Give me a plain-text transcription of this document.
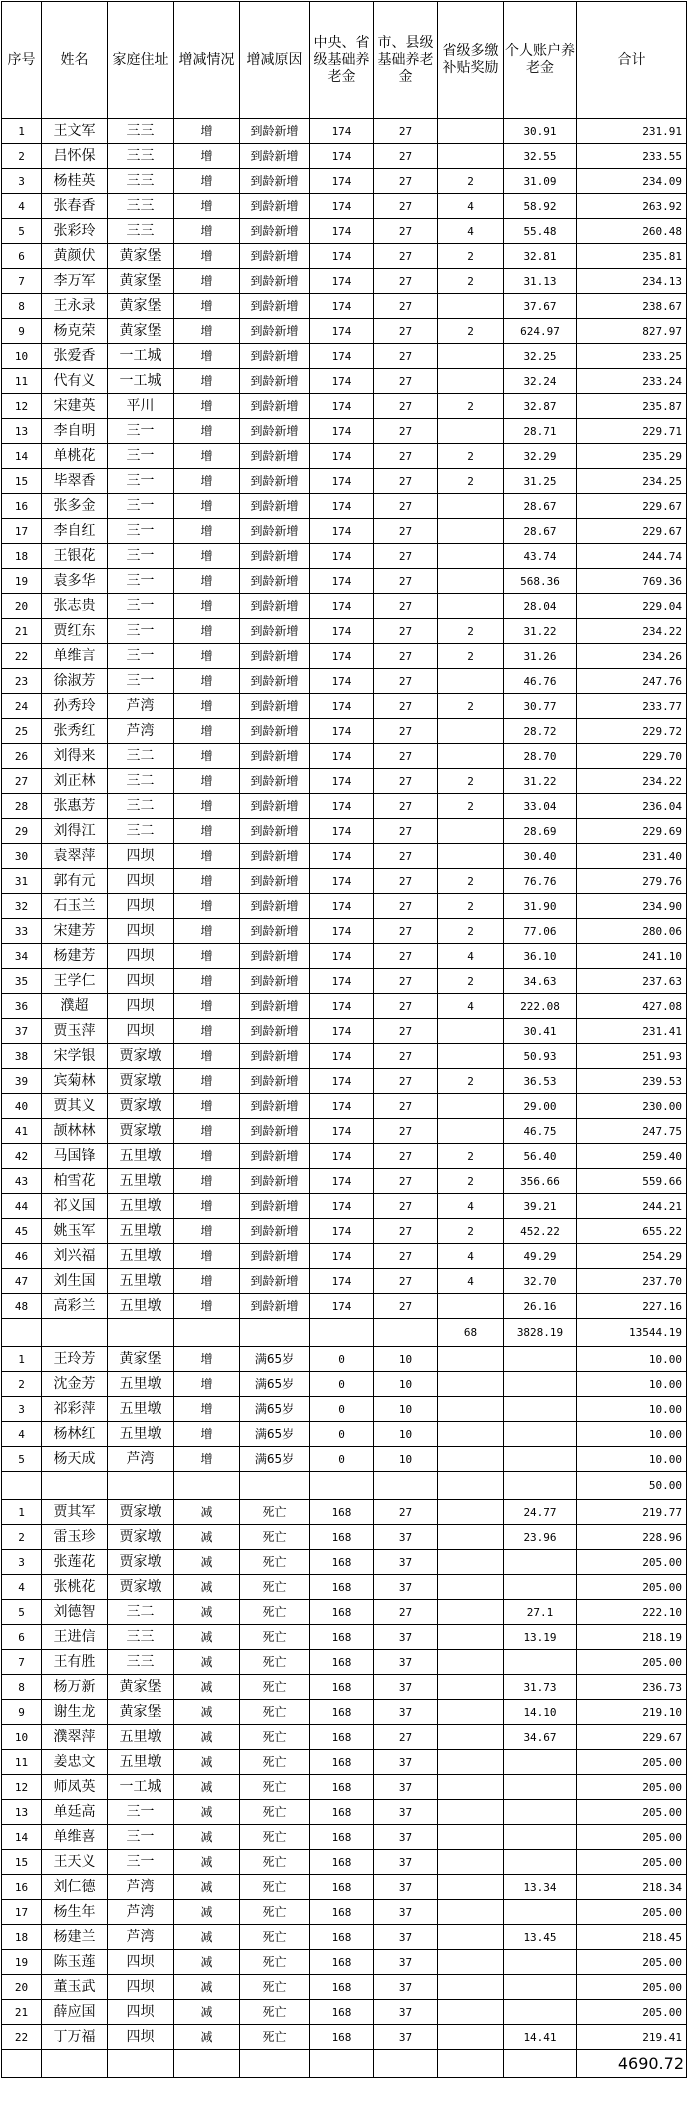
序号	姓名	家庭住址	增减情况	增减原因	中央、省级基础养老金	市、县级基础养老金	省级多缴补贴奖励	个人账户养老金	合计
1	王文军	三三	增	到龄新增	174	27		30.91	231.91
2	吕怀保	三三	增	到龄新增	174	27		32.55	233.55
3	杨桂英	三三	增	到龄新增	174	27	2	31.09	234.09
4	张春香	三三	增	到龄新增	174	27	4	58.92	263.92
5	张彩玲	三三	增	到龄新增	174	27	4	55.48	260.48
6	黄颜伏	黄家堡	增	到龄新增	174	27	2	32.81	235.81
7	李万军	黄家堡	增	到龄新增	174	27	2	31.13	234.13
8	王永录	黄家堡	增	到龄新增	174	27		37.67	238.67
9	杨克荣	黄家堡	增	到龄新增	174	27	2	624.97	827.97
10	张爱香	一工城	增	到龄新增	174	27		32.25	233.25
11	代有义	一工城	增	到龄新增	174	27		32.24	233.24
12	宋建英	平川	增	到龄新增	174	27	2	32.87	235.87
13	李自明	三一	增	到龄新增	174	27		28.71	229.71
14	单桃花	三一	增	到龄新增	174	27	2	32.29	235.29
15	毕翠香	三一	增	到龄新增	174	27	2	31.25	234.25
16	张多金	三一	增	到龄新增	174	27		28.67	229.67
17	李自红	三一	增	到龄新增	174	27		28.67	229.67
18	王银花	三一	增	到龄新增	174	27		43.74	244.74
19	袁多华	三一	增	到龄新增	174	27		568.36	769.36
20	张志贵	三一	增	到龄新增	174	27		28.04	229.04
21	贾红东	三一	增	到龄新增	174	27	2	31.22	234.22
22	单维言	三一	增	到龄新增	174	27	2	31.26	234.26
23	徐淑芳	三一	增	到龄新增	174	27		46.76	247.76
24	孙秀玲	芦湾	增	到龄新增	174	27	2	30.77	233.77
25	张秀红	芦湾	增	到龄新增	174	27		28.72	229.72
26	刘得来	三二	增	到龄新增	174	27		28.70	229.70
27	刘正林	三二	增	到龄新增	174	27	2	31.22	234.22
28	张惠芳	三二	增	到龄新增	174	27	2	33.04	236.04
29	刘得江	三二	增	到龄新增	174	27		28.69	229.69
30	袁翠萍	四坝	增	到龄新增	174	27		30.40	231.40
31	郭有元	四坝	增	到龄新增	174	27	2	76.76	279.76
32	石玉兰	四坝	增	到龄新增	174	27	2	31.90	234.90
33	宋建芳	四坝	增	到龄新增	174	27	2	77.06	280.06
34	杨建芳	四坝	增	到龄新增	174	27	4	36.10	241.10
35	王学仁	四坝	增	到龄新增	174	27	2	34.63	237.63
36	濮超	四坝	增	到龄新增	174	27	4	222.08	427.08
37	贾玉萍	四坝	增	到龄新增	174	27		30.41	231.41
38	宋学银	贾家墩	增	到龄新增	174	27		50.93	251.93
39	宾菊林	贾家墩	增	到龄新增	174	27	2	36.53	239.53
40	贾其义	贾家墩	增	到龄新增	174	27		29.00	230.00
41	颉林林	贾家墩	增	到龄新增	174	27		46.75	247.75
42	马国锋	五里墩	增	到龄新增	174	27	2	56.40	259.40
43	柏雪花	五里墩	增	到龄新增	174	27	2	356.66	559.66
44	祁义国	五里墩	增	到龄新增	174	27	4	39.21	244.21
45	姚玉军	五里墩	增	到龄新增	174	27	2	452.22	655.22
46	刘兴福	五里墩	增	到龄新增	174	27	4	49.29	254.29
47	刘生国	五里墩	增	到龄新增	174	27	4	32.70	237.70
48	高彩兰	五里墩	增	到龄新增	174	27		26.16	227.16
							68	3828.19	13544.19
1	王玲芳	黄家堡	增	满65岁	0	10			10.00
2	沈金芳	五里墩	增	满65岁	0	10			10.00
3	祁彩萍	五里墩	增	满65岁	0	10			10.00
4	杨林红	五里墩	增	满65岁	0	10			10.00
5	杨天成	芦湾	增	满65岁	0	10			10.00
									50.00
1	贾其军	贾家墩	减	死亡	168	27		24.77	219.77
2	雷玉珍	贾家墩	减	死亡	168	37		23.96	228.96
3	张莲花	贾家墩	减	死亡	168	37			205.00
4	张桃花	贾家墩	减	死亡	168	37			205.00
5	刘德智	三二	减	死亡	168	27		27.1	222.10
6	王进信	三三	减	死亡	168	37		13.19	218.19
7	王有胜	三三	减	死亡	168	37			205.00
8	杨万新	黄家堡	减	死亡	168	37		31.73	236.73
9	谢生龙	黄家堡	减	死亡	168	37		14.10	219.10
10	濮翠萍	五里墩	减	死亡	168	27		34.67	229.67
11	姜忠文	五里墩	减	死亡	168	37			205.00
12	师凤英	一工城	减	死亡	168	37			205.00
13	单廷高	三一	减	死亡	168	37			205.00
14	单维喜	三一	减	死亡	168	37			205.00
15	王天义	三一	减	死亡	168	37			205.00
16	刘仁德	芦湾	减	死亡	168	37		13.34	218.34
17	杨生年	芦湾	减	死亡	168	37			205.00
18	杨建兰	芦湾	减	死亡	168	37		13.45	218.45
19	陈玉莲	四坝	减	死亡	168	37			205.00
20	董玉武	四坝	减	死亡	168	37			205.00
21	薛应国	四坝	减	死亡	168	37			205.00
22	丁万福	四坝	减	死亡	168	37		14.41	219.41
									4690.72
